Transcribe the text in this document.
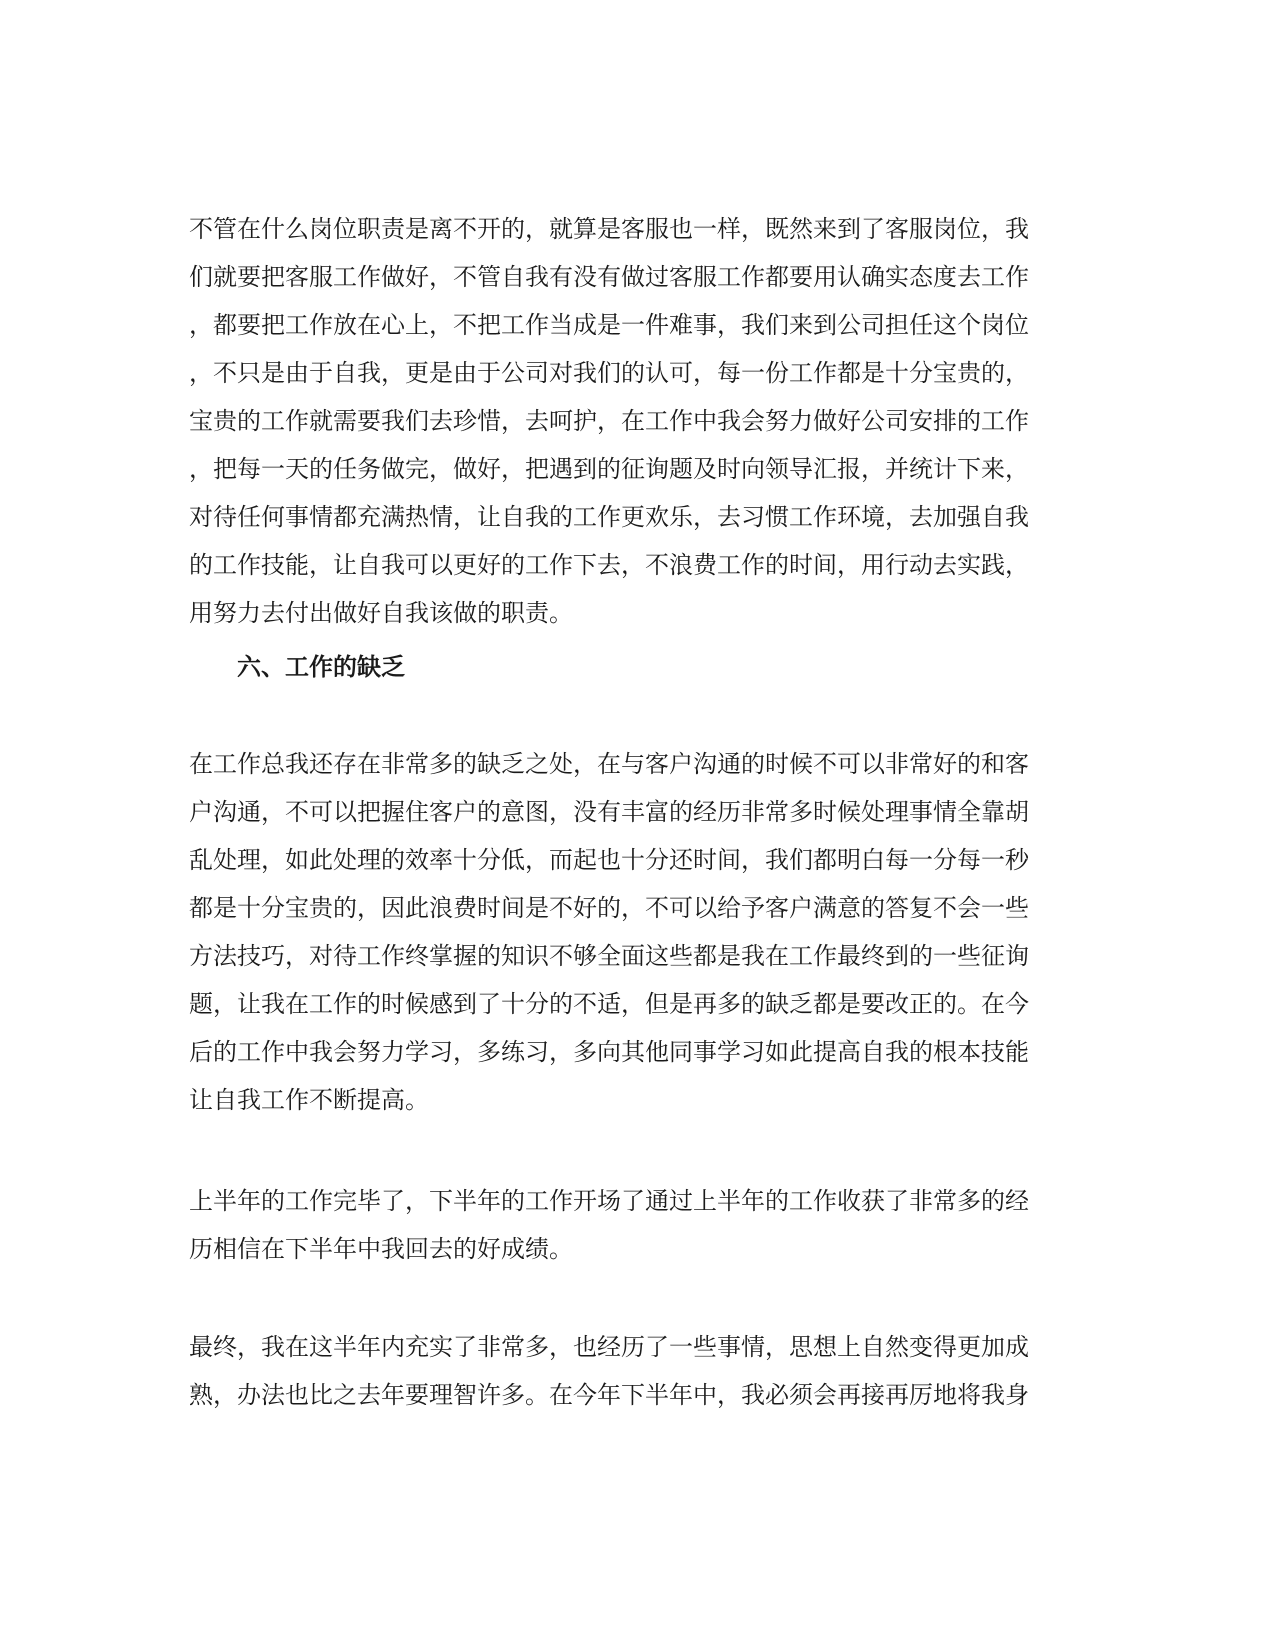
不管在什么岗位职责是离不开的，就算是客服也一样，既然来到了客服岗位，我
们就要把客服工作做好，不管自我有没有做过客服工作都要用认确实态度去工作
，都要把工作放在心上，不把工作当成是一件难事，我们来到公司担任这个岗位
，不只是由于自我，更是由于公司对我们的认可，每一份工作都是十分宝贵的，
宝贵的工作就需要我们去珍惜，去呵护，在工作中我会努力做好公司安排的工作
，把每一天的任务做完，做好，把遇到的征询题及时向领导汇报，并统计下来，
对待任何事情都充满热情，让自我的工作更欢乐，去习惯工作环境，去加强自我
的工作技能，让自我可以更好的工作下去，不浪费工作的时间，用行动去实践，
用努力去付出做好自我该做的职责。
六、工作的缺乏
在工作总我还存在非常多的缺乏之处，在与客户沟通的时候不可以非常好的和客
户沟通，不可以把握住客户的意图，没有丰富的经历非常多时候处理事情全靠胡
乱处理，如此处理的效率十分低，而起也十分还时间，我们都明白每一分每一秒
都是十分宝贵的，因此浪费时间是不好的，不可以给予客户满意的答复不会一些
方法技巧，对待工作终掌握的知识不够全面这些都是我在工作最终到的一些征询
题，让我在工作的时候感到了十分的不适，但是再多的缺乏都是要改正的。在今
后的工作中我会努力学习，多练习，多向其他同事学习如此提高自我的根本技能
让自我工作不断提高。
上半年的工作完毕了，下半年的工作开场了通过上半年的工作收获了非常多的经
历相信在下半年中我回去的好成绩。
最终，我在这半年内充实了非常多，也经历了一些事情，思想上自然变得更加成
熟，办法也比之去年要理智许多。在今年下半年中，我必须会再接再厉地将我身
